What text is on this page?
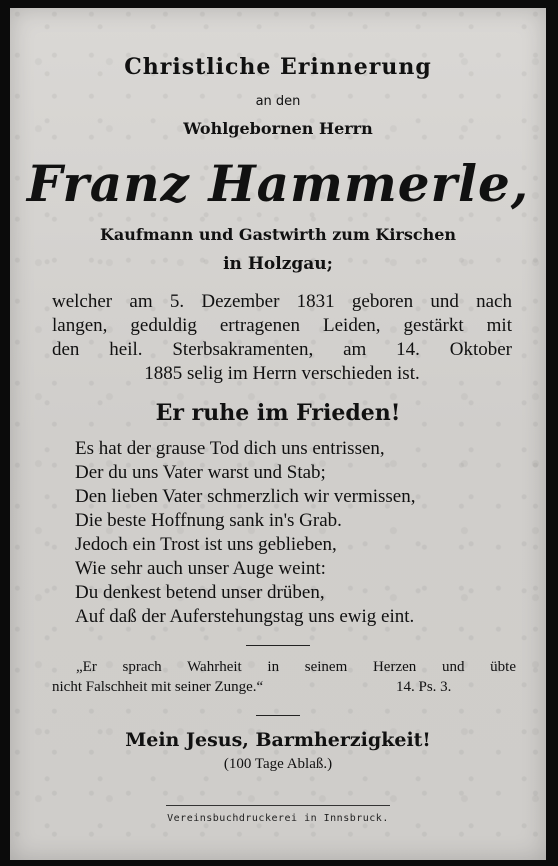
Christliche Erinnerung
an den
Wohlgebornen Herrn
Franz Hammerle,
Kaufmann und Gastwirth zum Kirschen
in Holzgau;
welcher am 5. Dezember 1831 geboren und nach
langen, geduldig ertragenen Leiden, gestärkt mit
den heil. Sterbsakramenten, am 14. Oktober
1885 selig im Herrn verschieden ist.
Er ruhe im Frieden!
Es hat der grause Tod dich uns entrissen,
Der du uns Vater warst und Stab;
Den lieben Vater schmerzlich wir vermissen,
Die beste Hoffnung sank in's Grab.
Jedoch ein Trost ist uns geblieben,
Wie sehr auch unser Auge weint:
Du denkest betend unser drüben,
Auf daß der Auferstehungstag uns ewig eint.
„Er sprach Wahrheit in seinem Herzen und übte
nicht Falschheit mit seiner Zunge.“	14. Ps. 3.
Mein Jesus, Barmherzigkeit!
(100 Tage Ablaß.)
Vereinsbuchdruckerei in Innsbruck.
